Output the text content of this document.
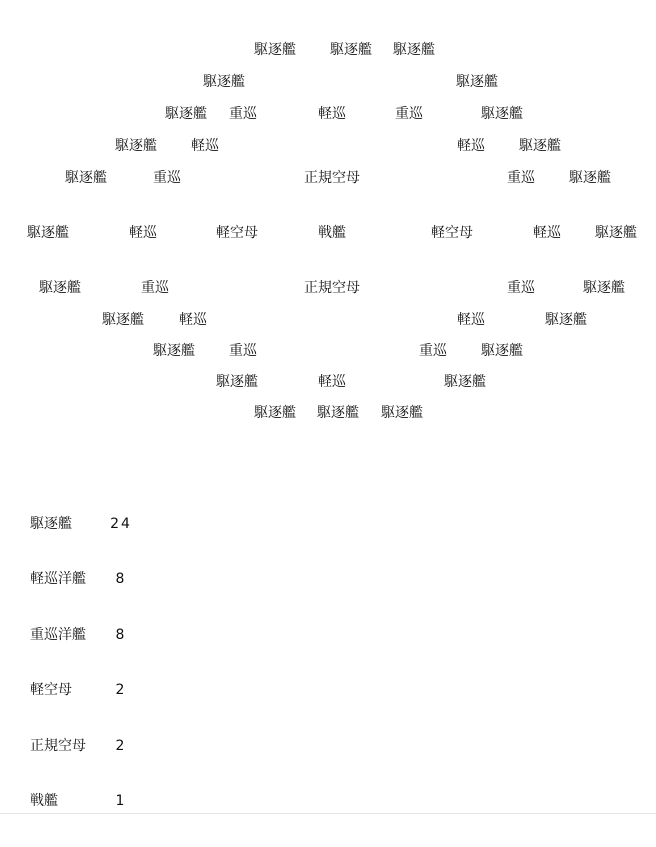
駆逐艦 駆逐艦 駆逐艦
駆逐艦	駆逐艦
駆逐艦 重巡	軽巡	重巡	駆逐艦
駆逐艦 軽巡	軽巡 駆逐艦
駆逐艦	重巡	正規空母	重巡 駆逐艦
駆逐艦	軽巡	軽空母	戦艦	軽空母	軽巡 駆逐艦
駆逐艦	重巡	正規空母	重巡	駆逐艦
駆逐艦	軽巡	軽巡	駆逐艦
駆逐艦 重巡	重巡 駆逐艦
駆逐艦	軽巡	駆逐艦
駆逐艦 駆逐艦 駆逐艦
駆逐艦	24
軽巡洋艦	8
重巡洋艦	8
軽空母	2
正規空母	2
戦艦	1
